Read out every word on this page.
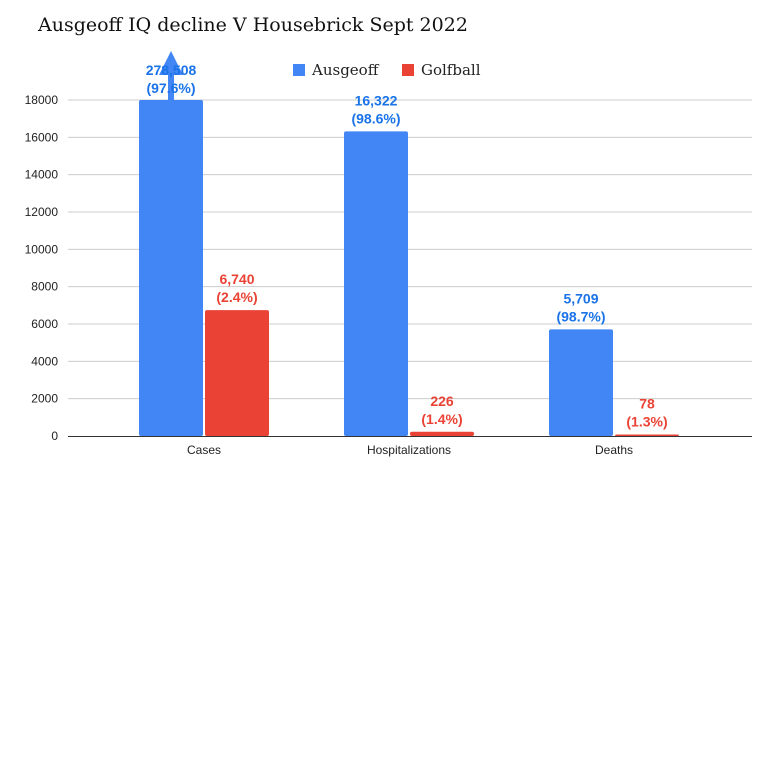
0
2000
4000
6000
8000
10000
12000
14000
16000
18000
Cases	Hospitalizations	Deaths
278,508
(97.6%)
16,322
(98.6%)
5,709
(98.7%)
6,740
(2.4%)
226
(1.4%)
78
(1.3%)
Ausgeoff IQ decline V Housebrick Sept 2022
Ausgeoff	Golfball
